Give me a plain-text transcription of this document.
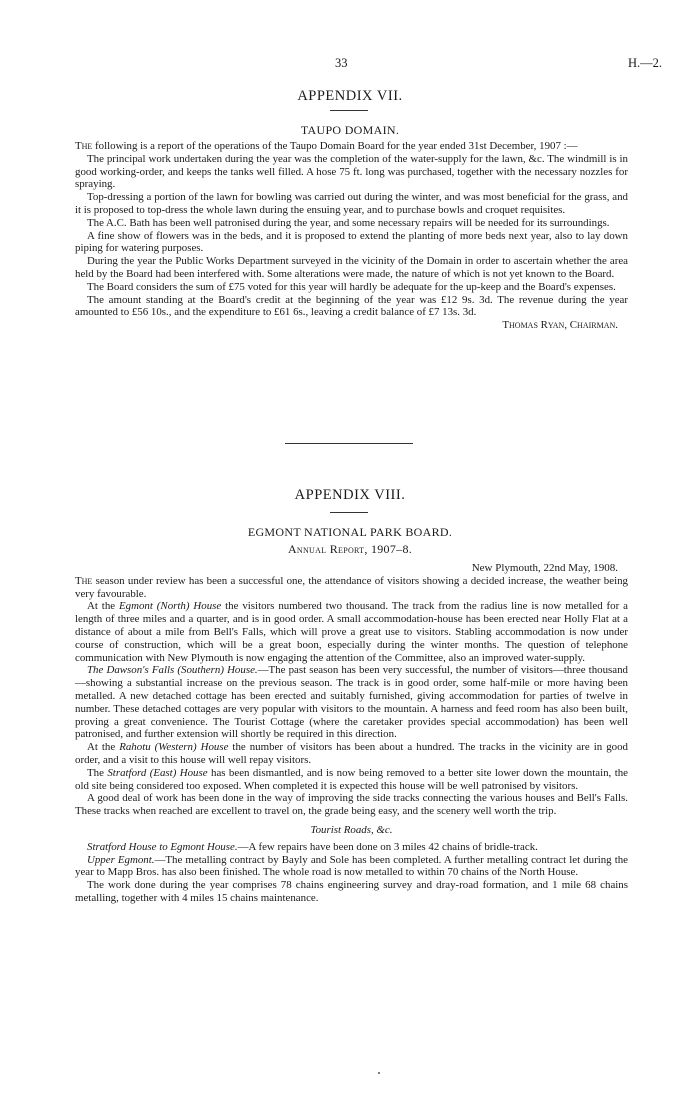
33	H.—2.
APPENDIX VII.
TAUPO DOMAIN.

The following is a report of the operations of the Taupo Domain Board for the year ended 31st December, 1907 :—

The principal work undertaken during the year was the completion of the water-supply for the lawn, &c. The windmill is in good working-order, and keeps the tanks well filled. A hose 75 ft. long was purchased, together with the necessary nozzles for spraying.

Top-dressing a portion of the lawn for bowling was carried out during the winter, and was most beneficial for the grass, and it is proposed to top-dress the whole lawn during the ensuing year, and to purchase bowls and croquet requisites.

The A.C. Bath has been well patronised during the year, and some necessary repairs will be needed for its surroundings.

A fine show of flowers was in the beds, and it is proposed to extend the planting of more beds next year, also to lay down piping for watering purposes.

During the year the Public Works Department surveyed in the vicinity of the Domain in order to ascertain whether the area held by the Board had been interfered with. Some alterations were made, the nature of which is not yet known to the Board.

The Board considers the sum of £75 voted for this year will hardly be adequate for the up-keep and the Board's expenses.

The amount standing at the Board's credit at the beginning of the year was £12 9s. 3d. The revenue during the year amounted to £56 10s., and the expenditure to £61 6s., leaving a credit balance of £7 13s. 3d.

Thomas Ryan, Chairman.
APPENDIX VIII.
EGMONT NATIONAL PARK BOARD.
Annual Report, 1907–8.
New Plymouth, 22nd May, 1908.

The season under review has been a successful one, the attendance of visitors showing a decided increase, the weather being very favourable.

At the Egmont (North) House the visitors numbered two thousand. The track from the radius line is now metalled for a length of three miles and a quarter, and is in good order. A small accommodation-house has been erected near Holly Flat at a distance of about a mile from Bell's Falls, which will prove a great use to visitors. Stabling accommodation is now under course of construction, which will be a great boon, especially during the winter months. The question of telephone communication with New Plymouth is now engaging the attention of the Committee, also an improved water-supply.

The Dawson's Falls (Southern) House.—The past season has been very successful, the number of visitors—three thousand—showing a substantial increase on the previous season. The track is in good order, some half-mile or more having been metalled. A new detached cottage has been erected and suitably furnished, giving accommodation for parties of twelve in number. These detached cottages are very popular with visitors to the mountain. A harness and feed room has also been built, proving a great convenience. The Tourist Cottage (where the caretaker provides special accommodation) has been well patronised, and further extension will shortly be required in this direction.

At the Rahotu (Western) House the number of visitors has been about a hundred. The tracks in the vicinity are in good order, and a visit to this house will well repay visitors.

The Stratford (East) House has been dismantled, and is now being removed to a better site lower down the mountain, the old site being considered too exposed. When completed it is expected this house will be well patronised by visitors.

A good deal of work has been done in the way of improving the side tracks connecting the various houses and Bell's Falls. These tracks when reached are excellent to travel on, the grade being easy, and the scenery well worth the trip.

Tourist Roads, &c.

Stratford House to Egmont House.—A few repairs have been done on 3 miles 42 chains of bridle-track.

Upper Egmont.—The metalling contract by Bayly and Sole has been completed. A further metalling contract let during the year to Mapp Bros. has also been finished. The whole road is now metalled to within 70 chains of the North House.

The work done during the year comprises 78 chains engineering survey and dray-road formation, and 1 mile 68 chains metalling, together with 4 miles 15 chains maintenance.
